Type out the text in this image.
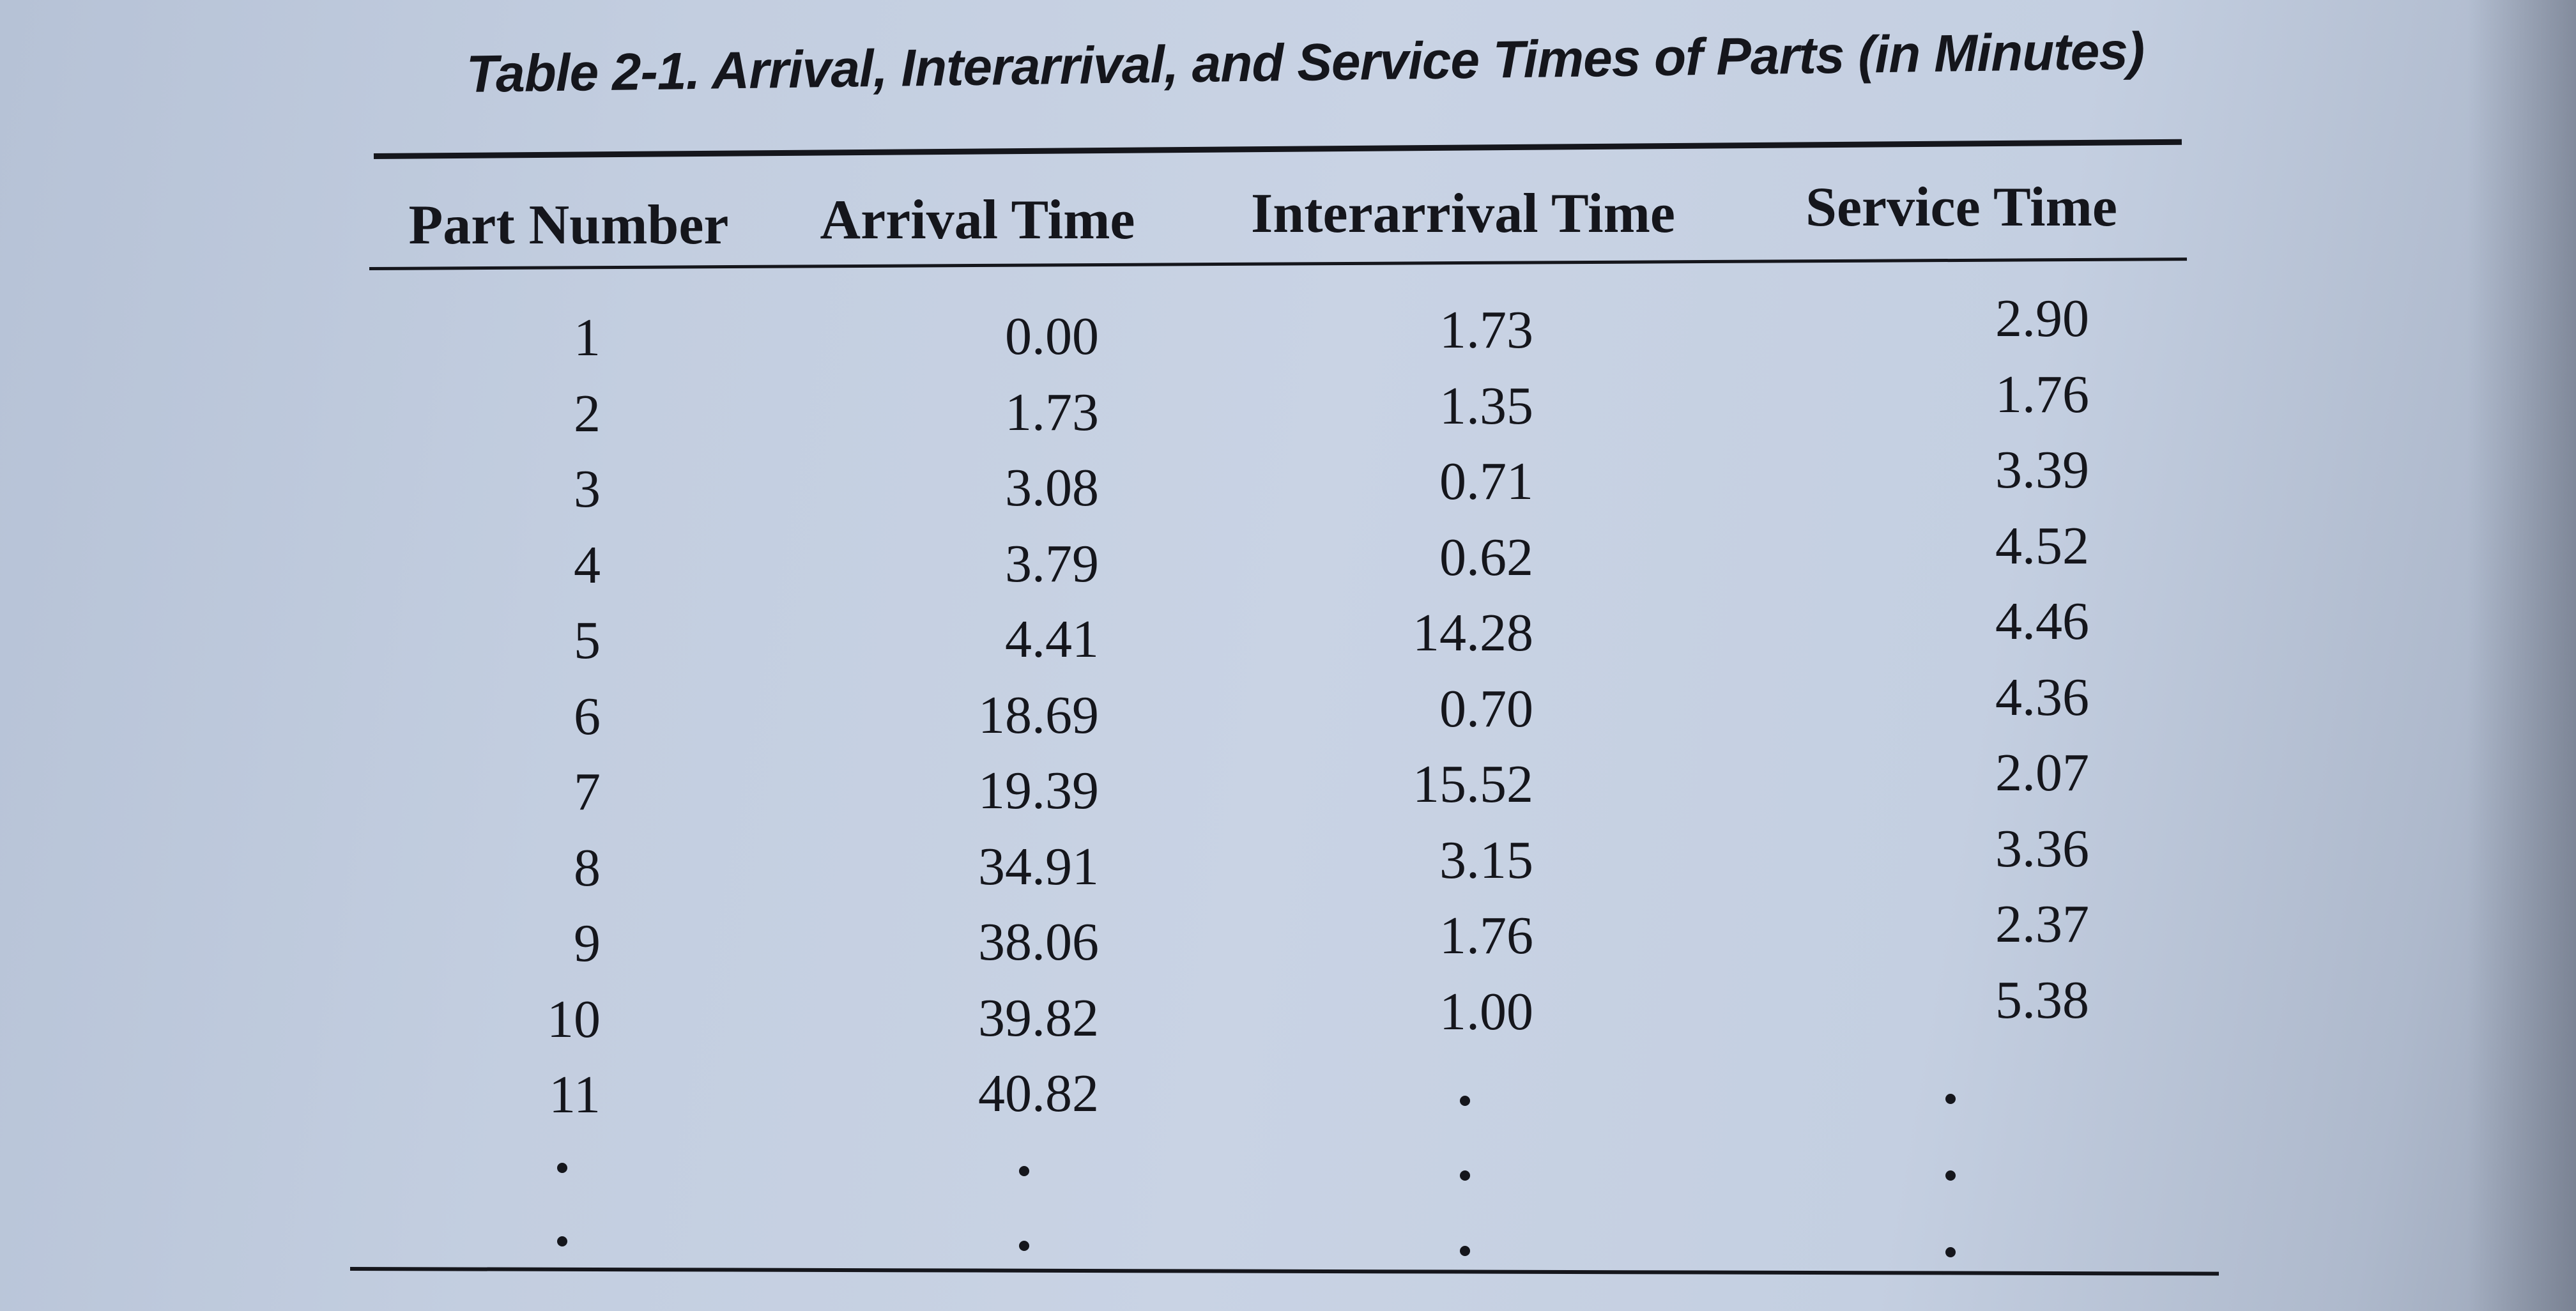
Table 2-1. Arrival, Interarrival, and Service Times of Parts (in Minutes)
Part Number	Arrival Time	Interarrival Time	Service Time
1	0.00	1.73	2.90
2	1.73	1.35	1.76
3	3.08	0.71	3.39
4	3.79	0.62	4.52
5	4.41	14.28	4.46
6	18.69	0.70	4.36
7	19.39	15.52	2.07
8	34.91	3.15	3.36
9	38.06	1.76	2.37
10	39.82	1.00	5.38
11	40.82
